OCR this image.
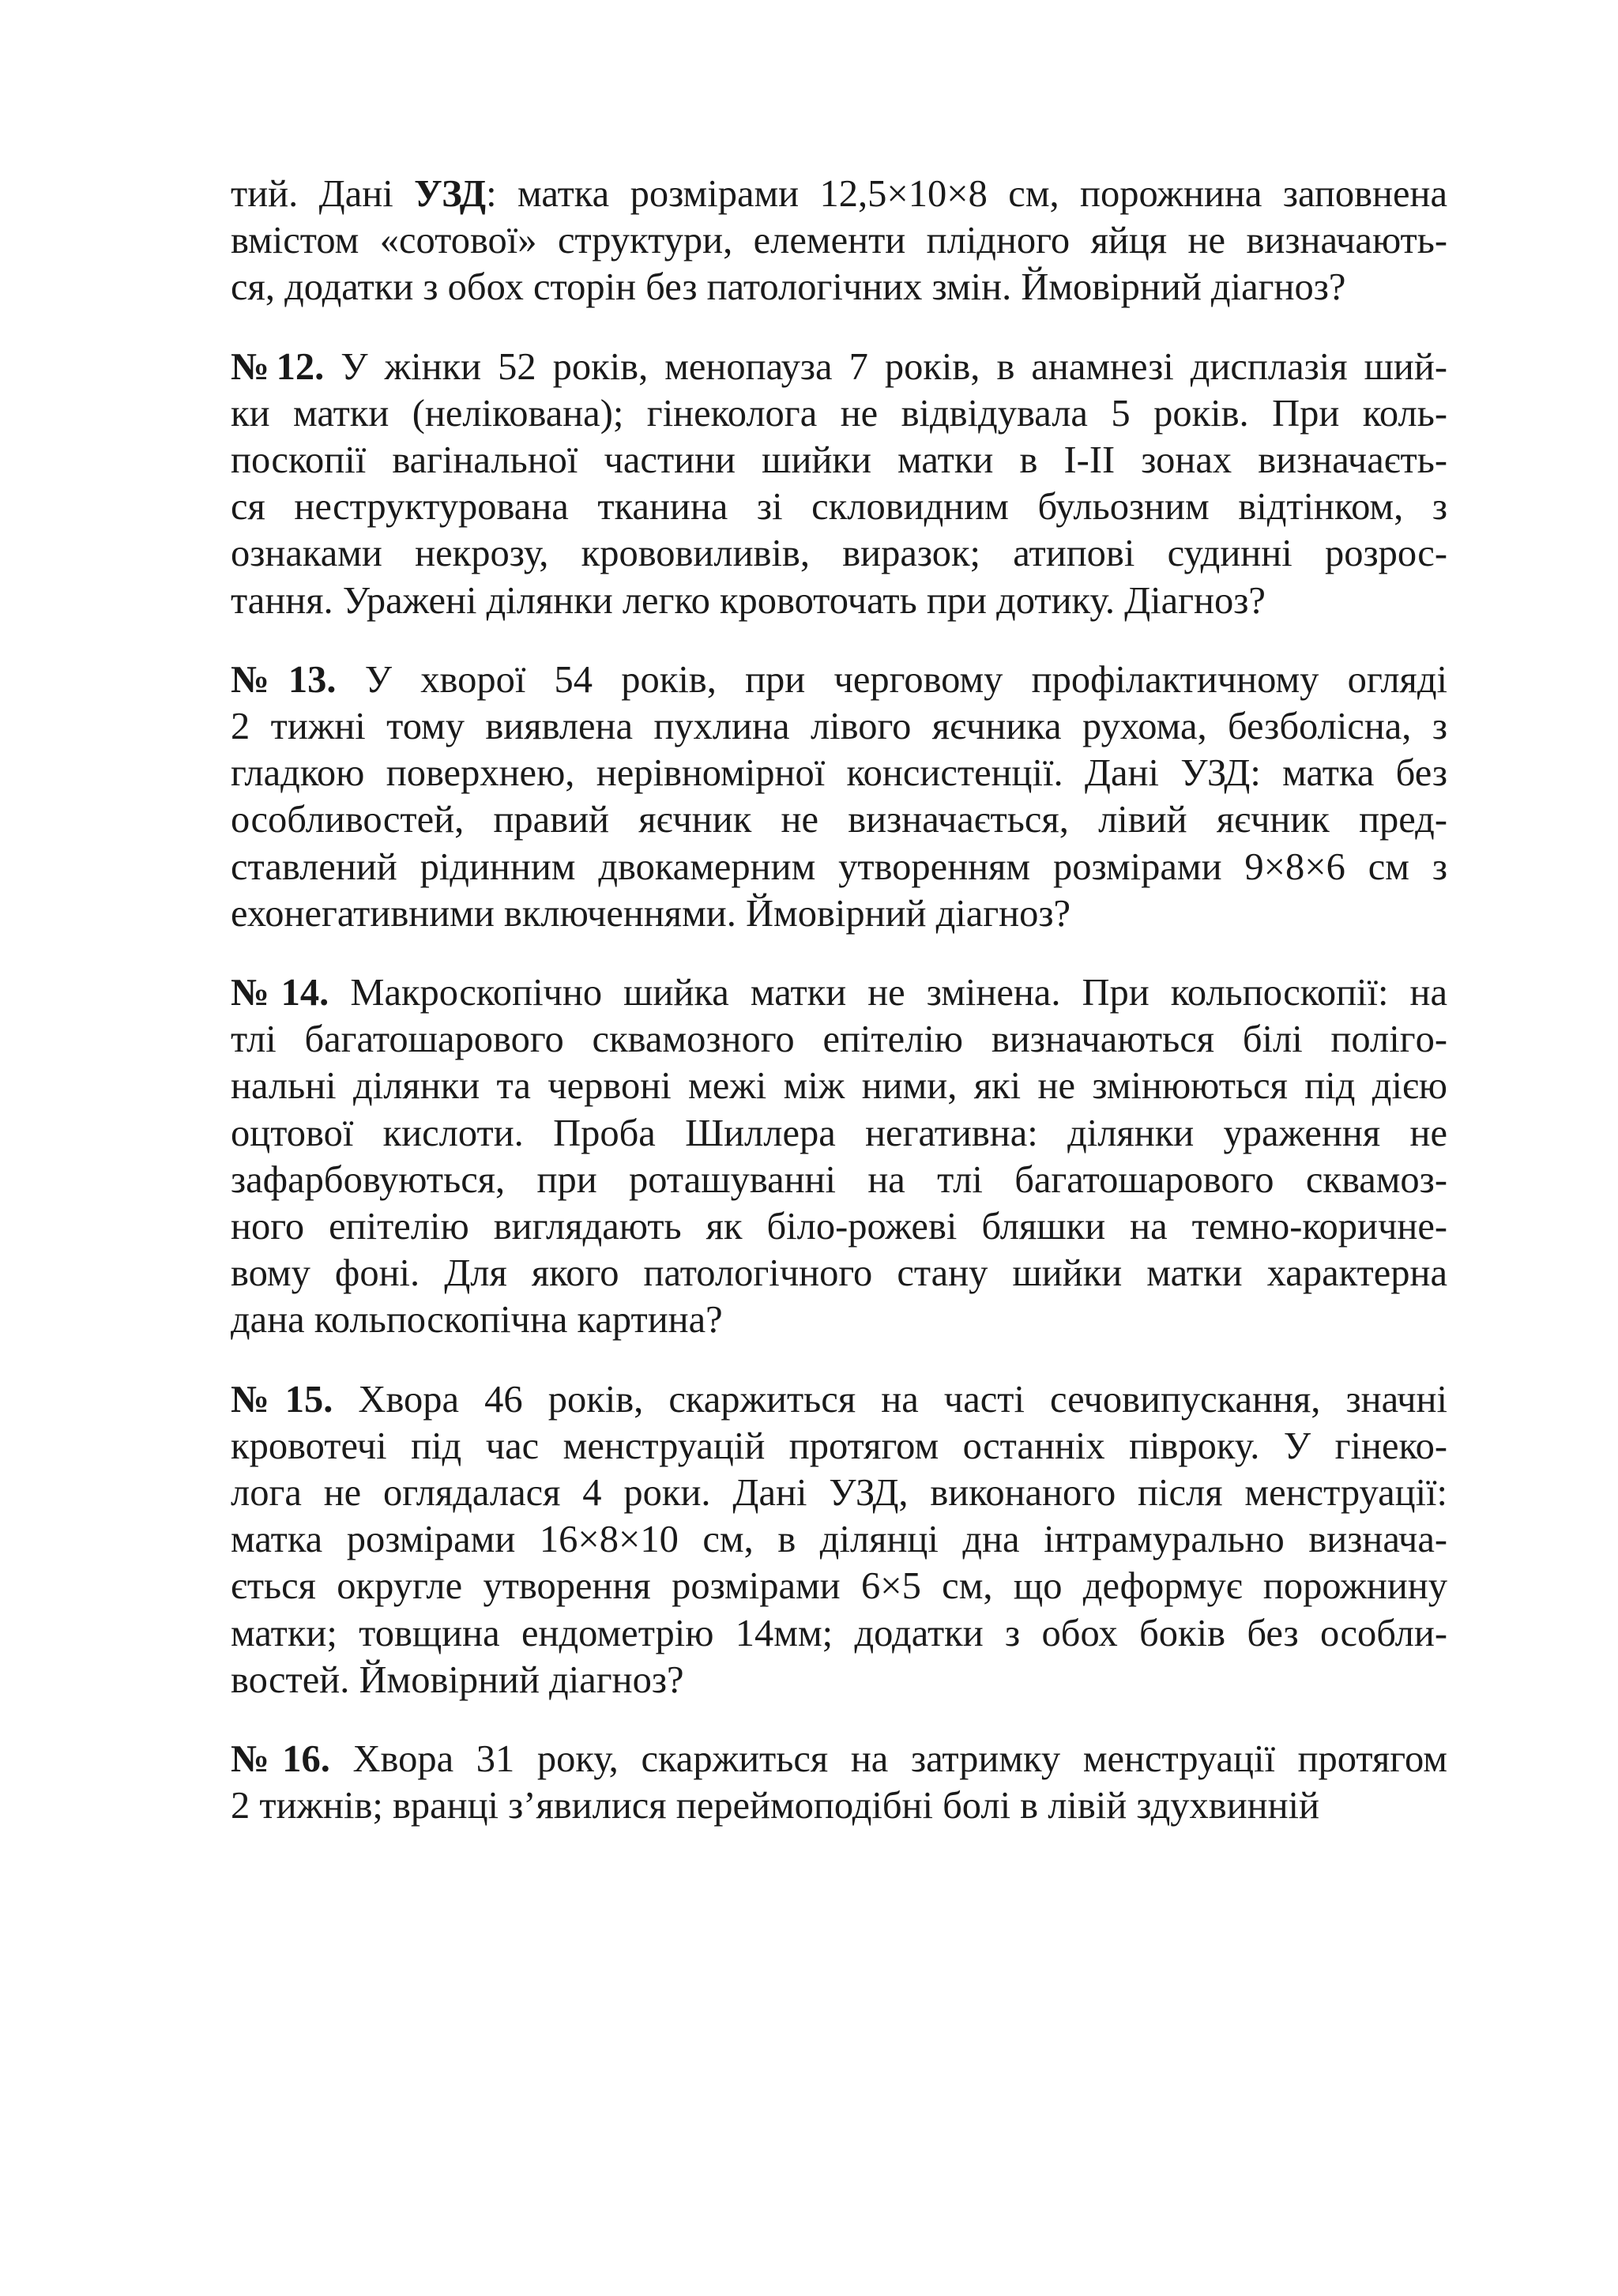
тий. Дані УЗД: матка розмірами 12,5×10×8 см, порожнина заповнена
вмістом «сотової» структури, елементи плідного яйця не визначають-
ся, додатки з обох сторін без патологічних змін. Ймовірний діагноз?
№12. У жінки 52 років, менопауза 7 років, в анамнезі дисплазія ший-
ки матки (нелікована); гінеколога не відвідувала 5 років. При коль-
поскопії вагінальної частини шийки матки в І-ІІ зонах визначаєть-
ся неструктурована тканина зі скловидним бульозним відтінком, з
ознаками некрозу, крововиливів, виразок; атипові судинні розрос-
тання. Уражені ділянки легко кровоточать при дотику. Діагноз?
№13. У хворої 54 років, при черговому профілактичному огляді
2 тижні тому виявлена пухлина лівого яєчника рухома, безболісна, з
гладкою поверхнею, нерівномірної консистенції. Дані УЗД: матка без
особливостей, правий яєчник не визначається, лівий яєчник пред-
ставлений рідинним двокамерним утворенням розмірами 9×8×6 см з
ехонегативними включеннями. Ймовірний діагноз?
№14. Макроскопічно шийка матки не змінена. При кольпоскопії: на
тлі багатошарового сквамозного епітелію визначаються білі полігo-
нальні ділянки та червоні межі між ними, які не змінюються під дією
оцтової кислоти. Проба Шиллера негативна: ділянки ураження не
зафарбовуються, при роташуванні на тлі багатошарового сквамоз-
ного епітелію виглядають як біло-рожеві бляшки на темно-коричне-
вому фоні. Для якого патологічного стану шийки матки характерна
дана кольпоскопічна картина?
№15. Хвора 46 років, скаржиться на часті сечовипускання, значні
кровотечі під час менструацій протягом останніх півроку. У гінеко-
лога не оглядалася 4 роки. Дані УЗД, виконаного після менструації:
матка розмірами 16×8×10 см, в ділянці дна інтрамурально визнача-
ється округле утворення розмірами 6×5 см, що деформує порожнину
матки; товщина ендометрію 14мм; додатки з обох боків без особли-
востей. Ймовірний діагноз?
№16. Хвора 31 року, скаржиться на затримку менструації протягом
2 тижнів; вранці з’явилися переймоподібні болі в лівій здухвинній
